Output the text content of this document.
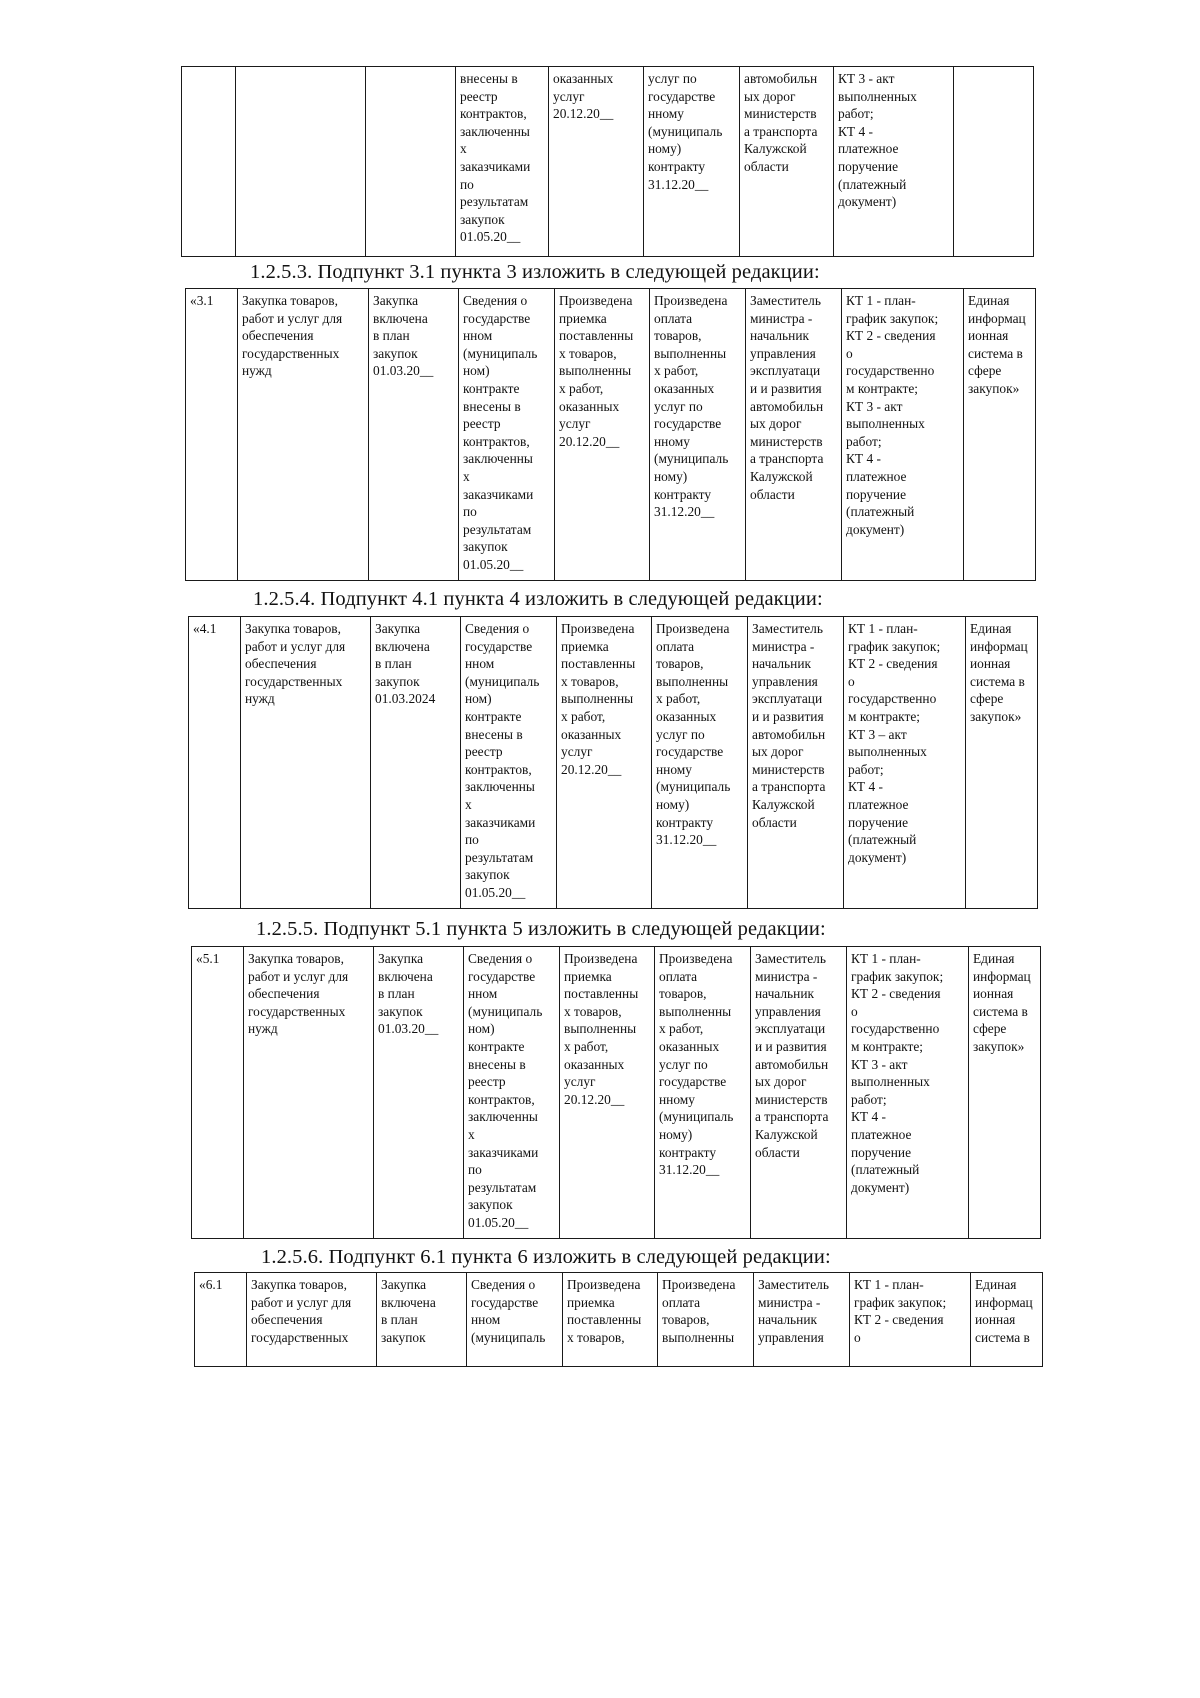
			внесены в
реестр
контрактов,
заключенны
х
заказчиками
по
результатам
закупок
01.05.20__	оказанных
услуг
20.12.20__	услуг по
государстве
нному
(муниципаль
ному)
контракту
31.12.20__	автомобильн
ых дорог
министерств
а транспорта
Калужской
области	КТ 3 - акт
выполненных
работ;
КТ 4 -
платежное
поручение
(платежный
документ)	
1.2.5.3. Подпункт 3.1 пункта 3 изложить в следующей редакции:
«3.1	Закупка товаров,
работ и услуг для
обеспечения
государственных
нужд	Закупка
включена
в план
закупок
01.03.20__	Сведения о
государстве
нном
(муниципаль
ном)
контракте
внесены в
реестр
контрактов,
заключенны
х
заказчиками
по
результатам
закупок
01.05.20__	Произведена
приемка
поставленны
х товаров,
выполненны
х работ,
оказанных
услуг
20.12.20__	Произведена
оплата
товаров,
выполненны
х работ,
оказанных
услуг по
государстве
нному
(муниципаль
ному)
контракту
31.12.20__	Заместитель
министра -
начальник
управления
эксплуатаци
и и развития
автомобильн
ых дорог
министерств
а транспорта
Калужской
области	КТ 1 - план-
график закупок;
КТ 2 - сведения
о
государственно
м контракте;
КТ 3 - акт
выполненных
работ;
КТ 4 -
платежное
поручение
(платежный
документ)	Единая
информац
ионная
система в
сфере
закупок»
1.2.5.4. Подпункт 4.1 пункта 4 изложить в следующей редакции:
«4.1	Закупка товаров,
работ и услуг для
обеспечения
государственных
нужд	Закупка
включена
в план
закупок
01.03.2024	Сведения о
государстве
нном
(муниципаль
ном)
контракте
внесены в
реестр
контрактов,
заключенны
х
заказчиками
по
результатам
закупок
01.05.20__	Произведена
приемка
поставленны
х товаров,
выполненны
х работ,
оказанных
услуг
20.12.20__	Произведена
оплата
товаров,
выполненны
х работ,
оказанных
услуг по
государстве
нному
(муниципаль
ному)
контракту
31.12.20__	Заместитель
министра -
начальник
управления
эксплуатаци
и и развития
автомобильн
ых дорог
министерств
а транспорта
Калужской
области	КТ 1 - план-
график закупок;
КТ 2 - сведения
о
государственно
м контракте;
КТ 3 – акт
выполненных
работ;
КТ 4 -
платежное
поручение
(платежный
документ)	Единая
информац
ионная
система в
сфере
закупок»
1.2.5.5. Подпункт 5.1 пункта 5 изложить в следующей редакции:
«5.1	Закупка товаров,
работ и услуг для
обеспечения
государственных
нужд	Закупка
включена
в план
закупок
01.03.20__	Сведения о
государстве
нном
(муниципаль
ном)
контракте
внесены в
реестр
контрактов,
заключенны
х
заказчиками
по
результатам
закупок
01.05.20__	Произведена
приемка
поставленны
х товаров,
выполненны
х работ,
оказанных
услуг
20.12.20__	Произведена
оплата
товаров,
выполненны
х работ,
оказанных
услуг по
государстве
нному
(муниципаль
ному)
контракту
31.12.20__	Заместитель
министра -
начальник
управления
эксплуатаци
и и развития
автомобильн
ых дорог
министерств
а транспорта
Калужской
области	КТ 1 - план-
график закупок;
КТ 2 - сведения
о
государственно
м контракте;
КТ 3 - акт
выполненных
работ;
КТ 4 -
платежное
поручение
(платежный
документ)	Единая
информац
ионная
система в
сфере
закупок»
1.2.5.6. Подпункт 6.1 пункта 6 изложить в следующей редакции:
«6.1	Закупка товаров,
работ и услуг для
обеспечения
государственных	Закупка
включена
в план
закупок	Сведения о
государстве
нном
(муниципаль	Произведена
приемка
поставленны
х товаров,	Произведена
оплата
товаров,
выполненны	Заместитель
министра -
начальник
управления	КТ 1 - план-
график закупок;
КТ 2 - сведения
о	Единая
информац
ионная
система в
